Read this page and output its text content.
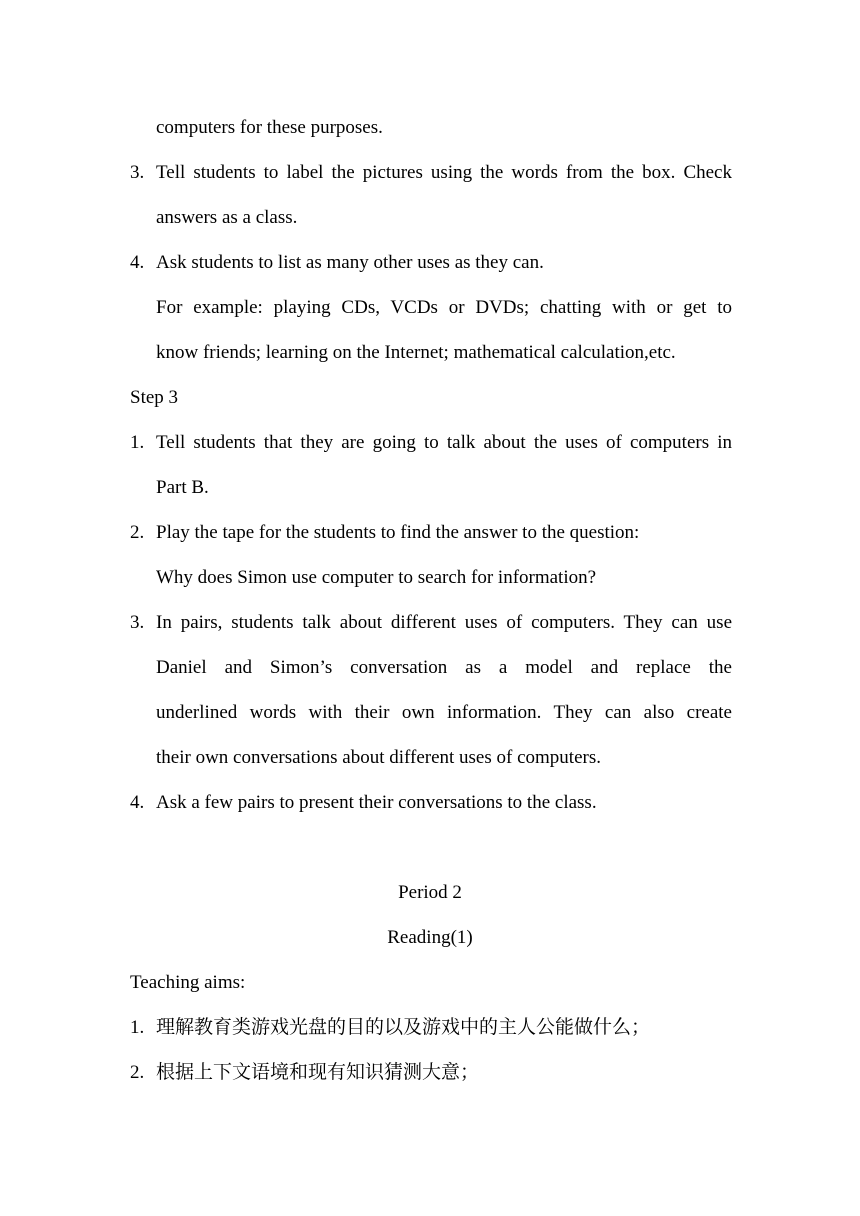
computers for these purposes.
3. Tell students to label the pictures using the words from the box. Check
answers as a class.
4. Ask students to list as many other uses as they can.
For example: playing CDs, VCDs or DVDs; chatting with or get to
know friends; learning on the Internet; mathematical calculation,etc.
Step 3
1. Tell students that they are going to talk about the uses of computers in
Part B.
2. Play the tape for the students to find the answer to the question:
Why does Simon use computer to search for information?
3. In pairs, students talk about different uses of computers. They can use
Daniel and Simon’s conversation as a model and replace the
underlined words with their own information. They can also create
their own conversations about different uses of computers.
4. Ask a few pairs to present their conversations to the class.
Period 2
Reading(1)
Teaching aims:
1. 理解教育类游戏光盘的目的以及游戏中的主人公能做什么；
2. 根据上下文语境和现有知识猜测大意；
